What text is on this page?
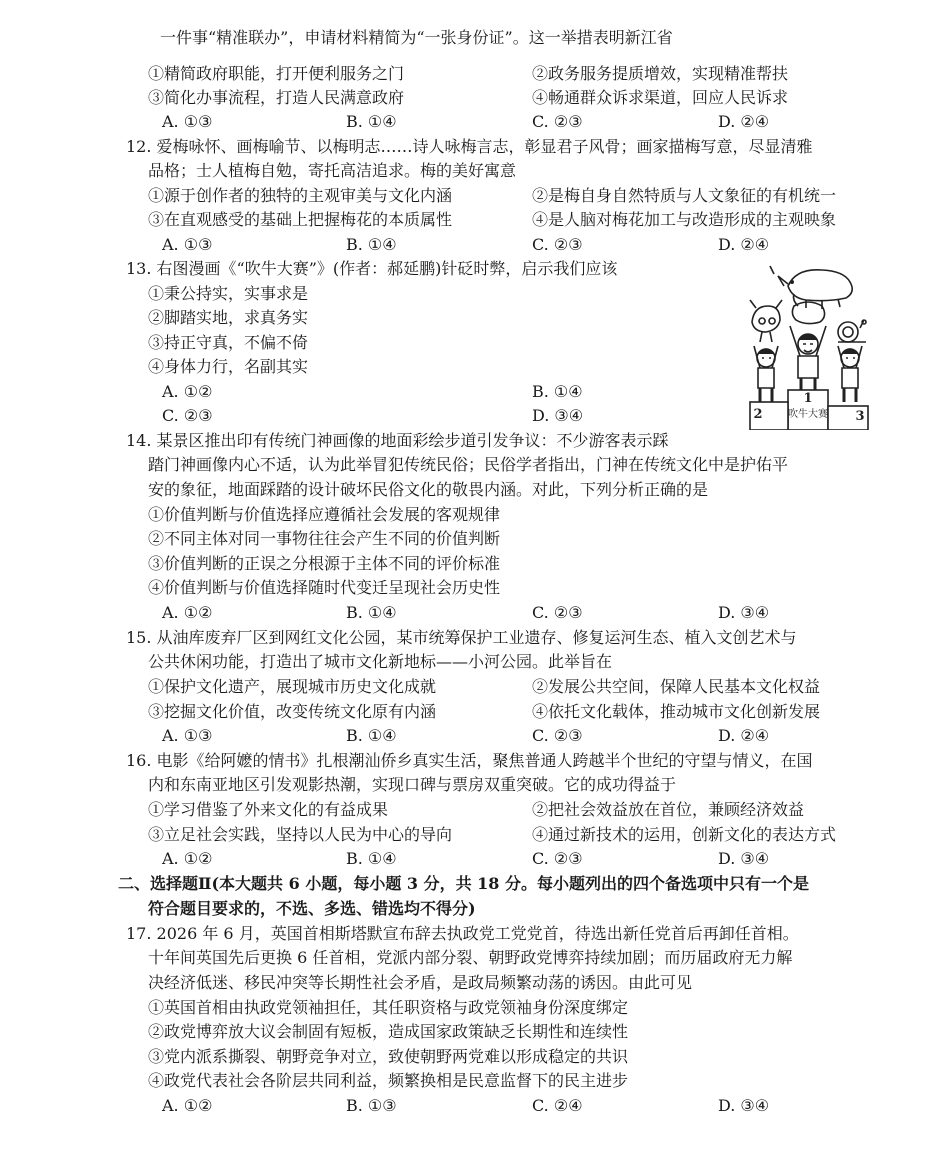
一件事“精准联办”，申请材料精简为“一张身份证”。这一举措表明新江省
①精简政府职能，打开便利服务之门	②政务服务提质增效，实现精准帮扶
③简化办事流程，打造人民满意政府	④畅通群众诉求渠道，回应人民诉求
A. ①③	B. ①④	C. ②③	D. ②④
12. 爱梅咏怀、画梅喻节、以梅明志……诗人咏梅言志，彰显君子风骨；画家描梅写意，尽显清雅
品格；士人植梅自勉，寄托高洁追求。梅的美好寓意
①源于创作者的独特的主观审美与文化内涵	②是梅自身自然特质与人文象征的有机统一
③在直观感受的基础上把握梅花的本质属性	④是人脑对梅花加工与改造形成的主观映象
A. ①③	B. ①④	C. ②③	D. ②④
13. 右图漫画《“吹牛大赛”》(作者：郝延鹏)针砭时弊，启示我们应该
①秉公持实，实事求是
②脚踏实地，求真务实
③持正守真，不偏不倚
④身体力行，名副其实
A. ①②	B. ①④
C. ②③	D. ③④
1
2	3
吹牛大赛
14. 某景区推出印有传统门神画像的地面彩绘步道引发争议：不少游客表示踩
踏门神画像内心不适，认为此举冒犯传统民俗；民俗学者指出，门神在传统文化中是护佑平
安的象征，地面踩踏的设计破坏民俗文化的敬畏内涵。对此，下列分析正确的是
①价值判断与价值选择应遵循社会发展的客观规律
②不同主体对同一事物往往会产生不同的价值判断
③价值判断的正误之分根源于主体不同的评价标准
④价值判断与价值选择随时代变迁呈现社会历史性
A. ①②	B. ①④	C. ②③	D. ③④
15. 从油库废弃厂区到网红文化公园，某市统筹保护工业遗存、修复运河生态、植入文创艺术与
公共休闲功能，打造出了城市文化新地标——小河公园。此举旨在
①保护文化遗产，展现城市历史文化成就	②发展公共空间，保障人民基本文化权益
③挖掘文化价值，改变传统文化原有内涵	④依托文化载体，推动城市文化创新发展
A. ①③	B. ①④	C. ②③	D. ②④
16. 电影《给阿嬷的情书》扎根潮汕侨乡真实生活，聚焦普通人跨越半个世纪的守望与情义，在国
内和东南亚地区引发观影热潮，实现口碑与票房双重突破。它的成功得益于
①学习借鉴了外来文化的有益成果	②把社会效益放在首位，兼顾经济效益
③立足社会实践，坚持以人民为中心的导向	④通过新技术的运用，创新文化的表达方式
A. ①②	B. ①④	C. ②③	D. ③④
二、选择题Ⅱ(本大题共 6 小题，每小题 3 分，共 18 分。每小题列出的四个备选项中只有一个是
符合题目要求的，不选、多选、错选均不得分)
17. 2026 年 6 月，英国首相斯塔默宣布辞去执政党工党党首，待选出新任党首后再卸任首相。
十年间英国先后更换 6 任首相，党派内部分裂、朝野政党博弈持续加剧；而历届政府无力解
决经济低迷、移民冲突等长期性社会矛盾，是政局频繁动荡的诱因。由此可见
①英国首相由执政党领袖担任，其任职资格与政党领袖身份深度绑定
②政党博弈放大议会制固有短板，造成国家政策缺乏长期性和连续性
③党内派系撕裂、朝野竞争对立，致使朝野两党难以形成稳定的共识
④政党代表社会各阶层共同利益，频繁换相是民意监督下的民主进步
A. ①②	B. ①③	C. ②④	D. ③④
